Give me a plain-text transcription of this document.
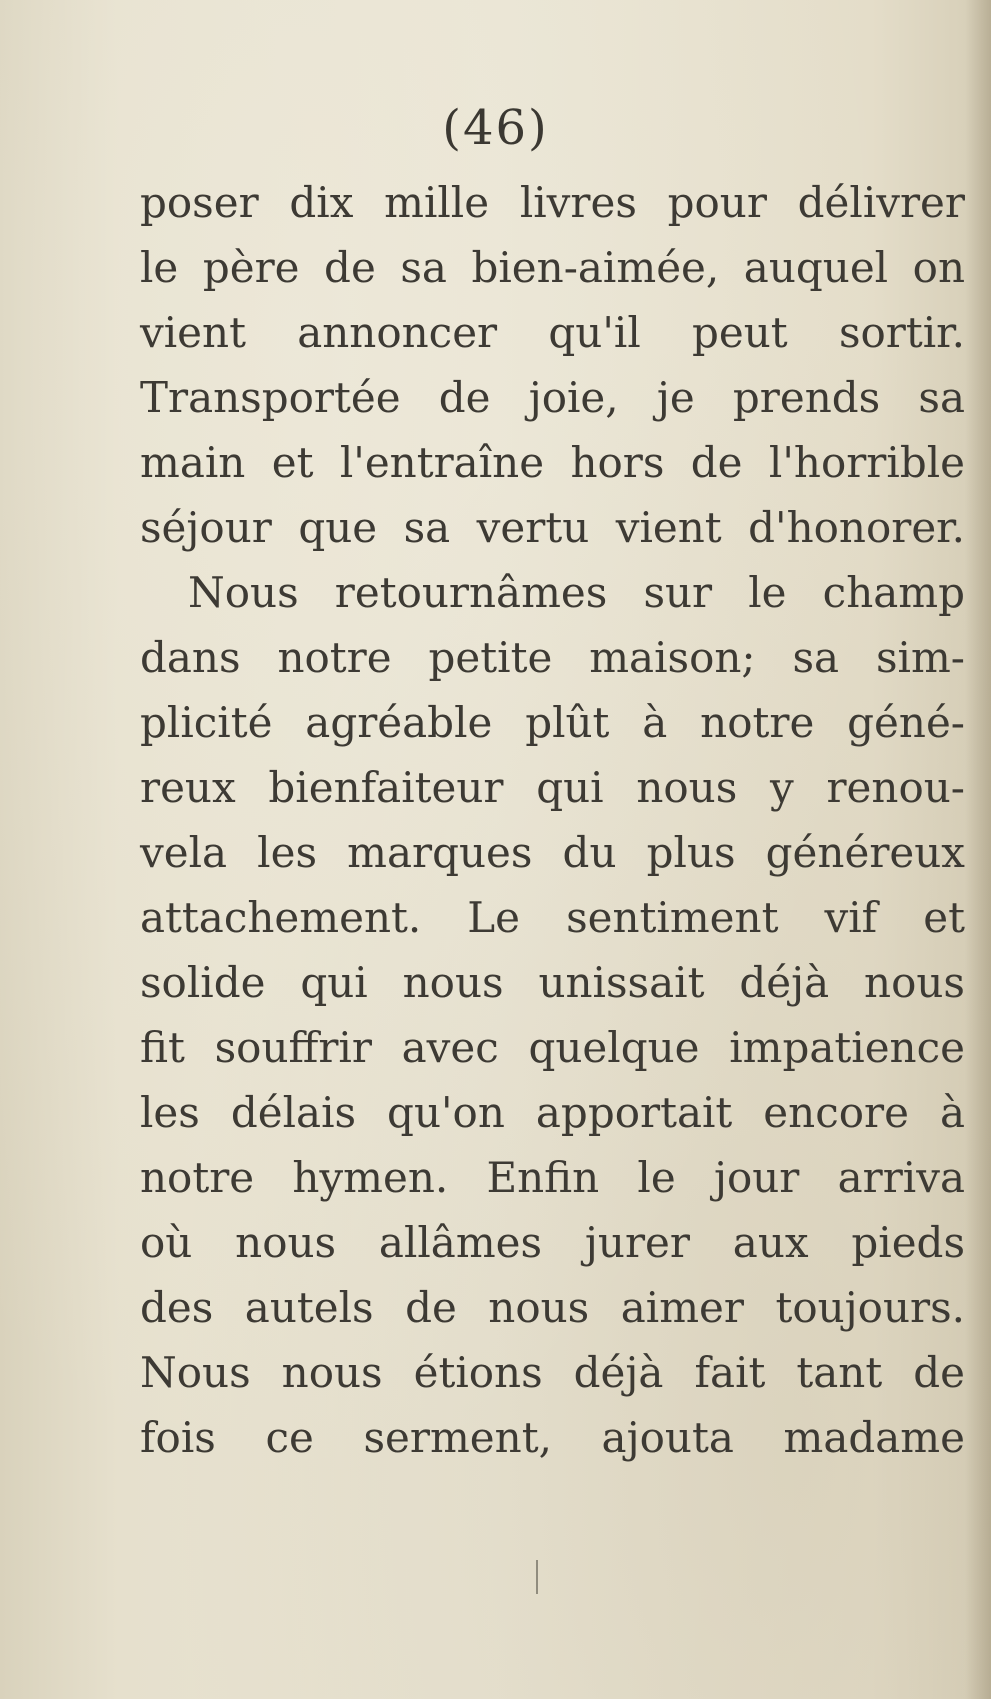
(46)
poser dix mille livres pour délivrer
le père de sa bien-aimée, auquel on
vient annoncer qu'il peut sortir.
Transportée de joie, je prends sa
main et l'entraîne hors de l'horrible
séjour que sa vertu vient d'honorer.
Nous retournâmes sur le champ
dans notre petite maison; sa sim-
plicité agréable plût à notre géné-
reux bienfaiteur qui nous y renou-
vela les marques du plus généreux
attachement. Le sentiment vif et
solide qui nous unissait déjà nous
fit souffrir avec quelque impatience
les délais qu'on apportait encore à
notre hymen. Enfin le jour arriva
où nous allâmes jurer aux pieds
des autels de nous aimer toujours.
Nous nous étions déjà fait tant de
fois ce serment, ajouta madame
